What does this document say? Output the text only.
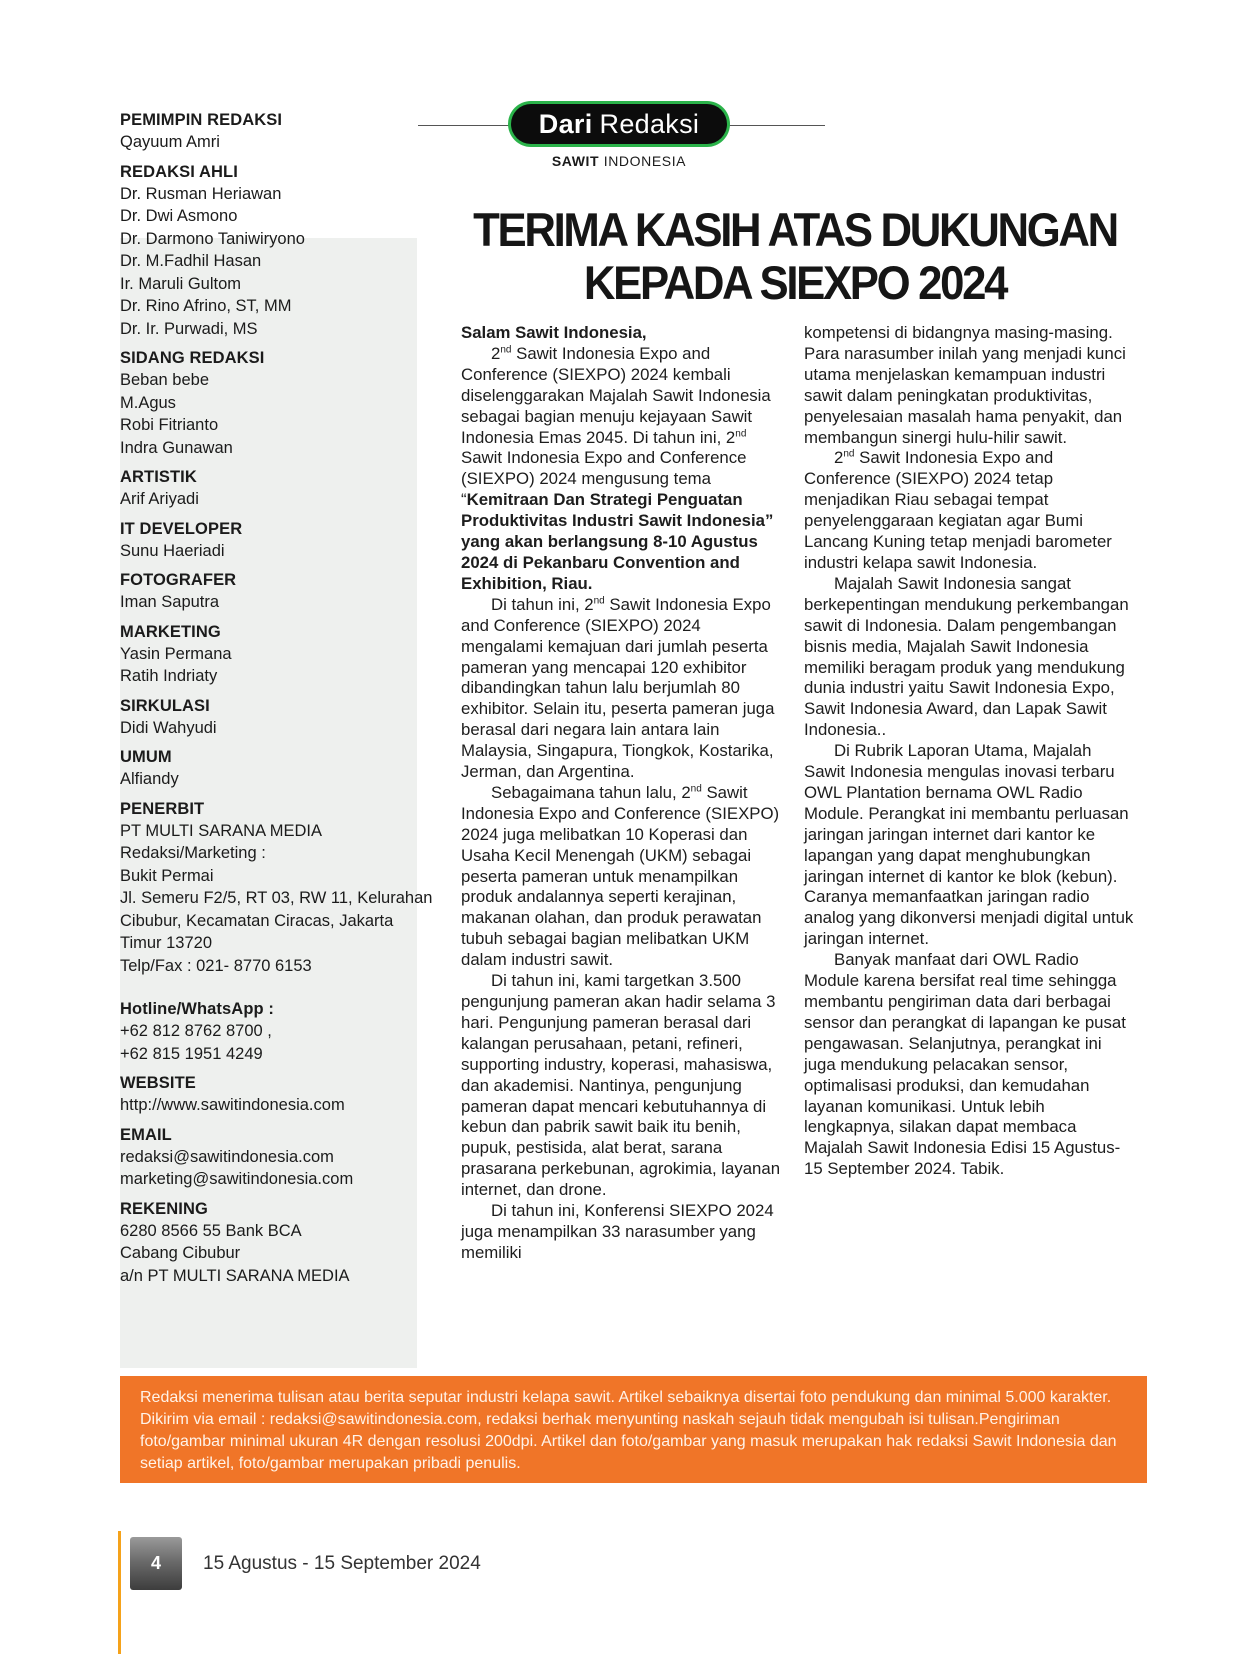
PEMIMPIN REDAKSI
Qayuum Amri
REDAKSI AHLI
Dr. Rusman Heriawan
Dr. Dwi Asmono
Dr. Darmono Taniwiryono
Dr. M.Fadhil Hasan
Ir. Maruli Gultom
Dr. Rino Afrino, ST, MM
Dr. Ir. Purwadi, MS
SIDANG REDAKSI
Beban bebe
M.Agus
Robi Fitrianto
Indra Gunawan
ARTISTIK
Arif Ariyadi
IT DEVELOPER
Sunu Haeriadi
FOTOGRAFER
Iman Saputra
MARKETING
Yasin Permana
Ratih Indriaty
SIRKULASI
Didi Wahyudi
UMUM
Alfiandy
PENERBIT
PT MULTI SARANA MEDIA
Redaksi/Marketing :
Bukit Permai
Jl. Semeru F2/5, RT 03, RW 11, Kelurahan
Cibubur, Kecamatan Ciracas, Jakarta
Timur 13720
Telp/Fax : 021- 8770 6153
Hotline/WhatsApp :
+62 812 8762 8700 ,
+62 815 1951 4249
WEBSITE
http://www.sawitindonesia.com
EMAIL
redaksi@sawitindonesia.com
marketing@sawitindonesia.com
REKENING
6280 8566 55 Bank BCA
Cabang Cibubur
a/n PT MULTI SARANA MEDIA
Dari Redaksi
SAWIT INDONESIA
TERIMA KASIH ATAS DUKUNGAN
KEPADA SIEXPO 2024

Salam Sawit Indonesia,

2nd Sawit Indonesia Expo and Conference (SIEXPO) 2024 kembali diselenggarakan Majalah Sawit Indonesia sebagai bagian menuju kejayaan Sawit Indonesia Emas 2045. Di tahun ini, 2nd Sawit Indonesia Expo and Conference (SIEXPO) 2024 mengusung tema “Kemitraan Dan Strategi Penguatan Produktivitas Industri Sawit Indonesia” yang akan berlangsung 8-10 Agustus 2024 di Pekanbaru Convention and Exhibition, Riau.

Di tahun ini, 2nd Sawit Indonesia Expo and Conference (SIEXPO) 2024 mengalami kemajuan dari jumlah peserta pameran yang mencapai 120 exhibitor dibandingkan tahun lalu berjumlah 80 exhibitor. Selain itu, peserta pameran juga berasal dari negara lain antara lain Malaysia, Singapura, Tiongkok, Kostarika, Jerman, dan Argentina.

Sebagaimana tahun lalu, 2nd Sawit Indonesia Expo and Conference (SIEXPO) 2024 juga melibatkan 10 Koperasi dan Usaha Kecil Menengah (UKM) sebagai peserta pameran untuk menampilkan produk andalannya seperti kerajinan, makanan olahan, dan produk perawatan tubuh sebagai bagian melibatkan UKM dalam industri sawit.

Di tahun ini, kami targetkan 3.500 pengunjung pameran akan hadir selama 3 hari. Pengunjung pameran berasal dari kalangan perusahaan, petani, refineri, supporting industry, koperasi, mahasiswa, dan akademisi. Nantinya, pengunjung pameran dapat mencari kebutuhannya di kebun dan pabrik sawit baik itu benih, pupuk, pestisida, alat berat, sarana prasarana perkebunan, agrokimia, layanan internet, dan drone.

Di tahun ini, Konferensi SIEXPO 2024 juga menampilkan 33 narasumber yang memiliki

kompetensi di bidangnya masing-masing. Para narasumber inilah yang menjadi kunci utama menjelaskan kemampuan industri sawit dalam peningkatan produktivitas, penyelesaian masalah hama penyakit, dan membangun sinergi hulu-hilir sawit.

2nd Sawit Indonesia Expo and Conference (SIEXPO) 2024 tetap menjadikan Riau sebagai tempat penyelenggaraan kegiatan agar Bumi Lancang Kuning tetap menjadi barometer industri kelapa sawit Indonesia.

Majalah Sawit Indonesia sangat berkepentingan mendukung perkembangan sawit di Indonesia. Dalam pengembangan bisnis media, Majalah Sawit Indonesia memiliki beragam produk yang mendukung dunia industri yaitu Sawit Indonesia Expo, Sawit Indonesia Award, dan Lapak Sawit Indonesia..

Di Rubrik Laporan Utama, Majalah Sawit Indonesia mengulas inovasi terbaru OWL Plantation bernama OWL Radio Module. Perangkat ini membantu perluasan jaringan jaringan internet dari kantor ke lapangan yang dapat menghubungkan jaringan internet di kantor ke blok (kebun). Caranya memanfaatkan jaringan radio analog yang dikonversi menjadi digital untuk jaringan internet.

Banyak manfaat dari OWL Radio Module karena bersifat real time sehingga membantu pengiriman data dari berbagai sensor dan perangkat di lapangan ke pusat pengawasan. Selanjutnya, perangkat ini juga mendukung pelacakan sensor, optimalisasi produksi, dan kemudahan layanan komunikasi. Untuk lebih lengkapnya, silakan dapat membaca Majalah Sawit Indonesia Edisi 15 Agustus-15 September 2024. Tabik.

Redaksi menerima tulisan atau berita seputar industri kelapa sawit. Artikel sebaiknya disertai foto pendukung dan minimal 5.000 karakter. Dikirim via email : redaksi@sawitindonesia.com, redaksi berhak menyunting naskah sejauh tidak mengubah isi tulisan.Pengiriman foto/gambar minimal ukuran 4R dengan resolusi 200dpi. Artikel dan foto/gambar yang masuk merupakan hak redaksi Sawit Indonesia dan setiap artikel, foto/gambar merupakan pribadi penulis.
4	15 Agustus - 15 September 2024
